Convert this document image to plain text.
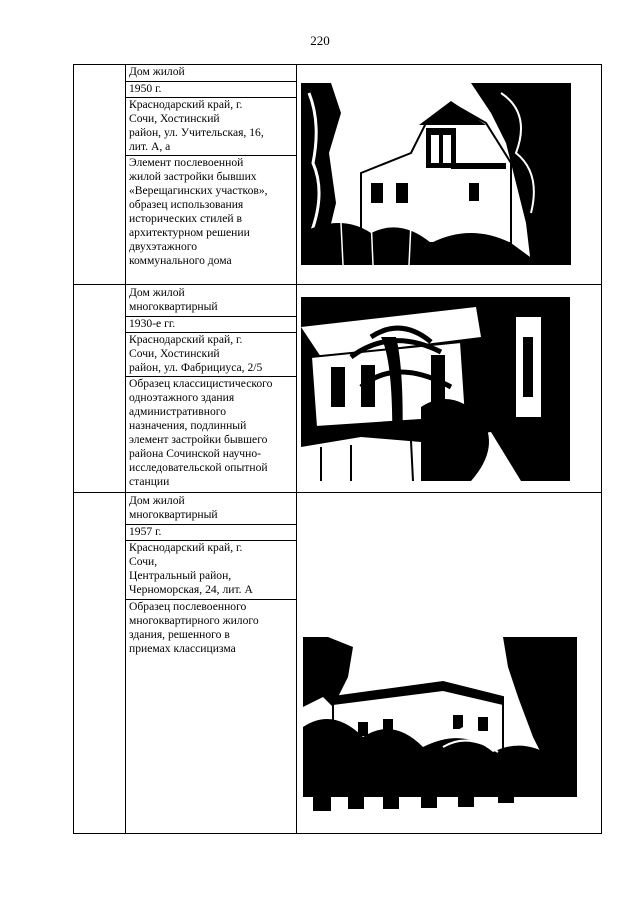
220
Дом жилой
1950 г.
Краснодарский край, г.
Сочи, Хостинский
район, ул. Учительская, 16,
лит. А, а
Элемент послевоенной
жилой застройки бывших
«Верещагинских участков»,
образец использования
исторических стилей в
архитектурном решении
двухэтажного
коммунального дома
Дом жилой
многоквартирный
1930-е гг.
Краснодарский край, г.
Сочи, Хостинский
район, ул. Фабрициуса, 2/5
Образец классицистического
одноэтажного здания
административного
назначения, подлинный
элемент застройки бывшего
района Сочинской научно-
исследовательской опытной
станции
Дом жилой
многоквартирный
1957 г.
Краснодарский край, г.
Сочи,
Центральный район,
Черноморская, 24, лит. А
Образец послевоенного
многоквартирного жилого
здания, решенного в
приемах классицизма
